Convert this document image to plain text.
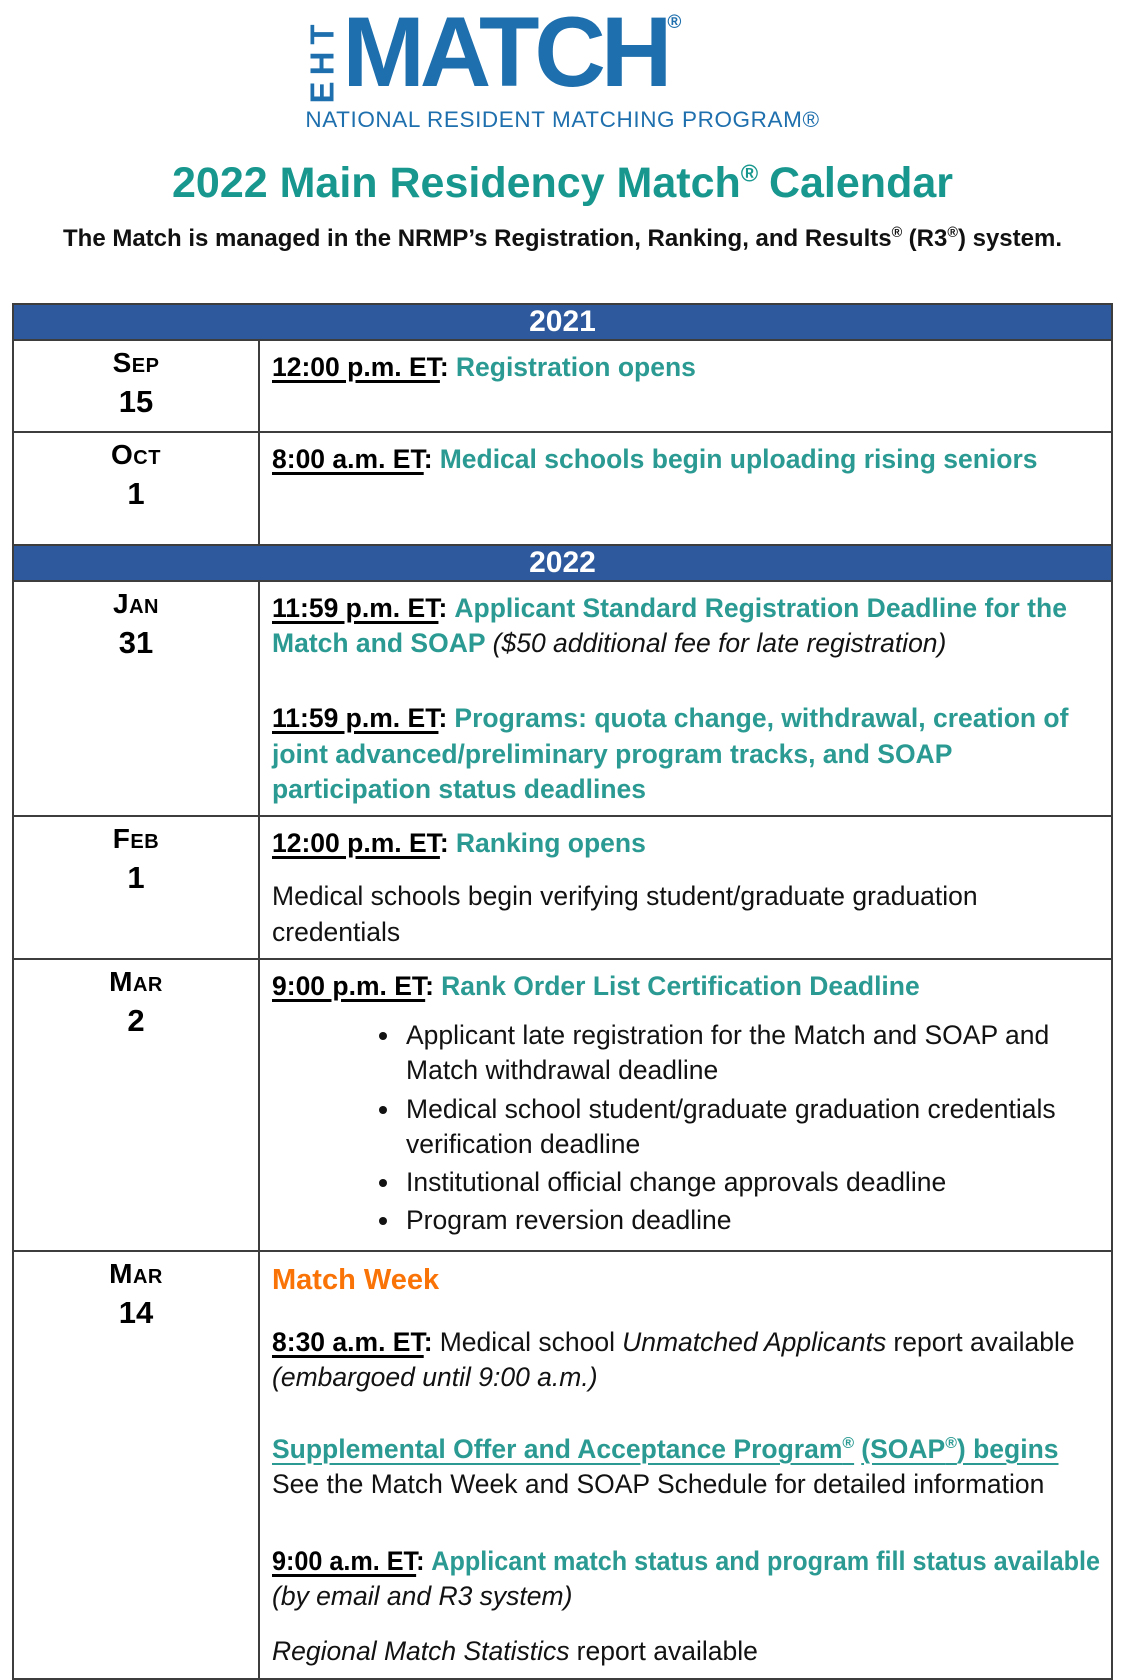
T
H
E MATCH ®
NATIONAL RESIDENT MATCHING PROGRAM®
2022 Main Residency Match® Calendar
The Match is managed in the NRMP’s Registration, Ranking, and Results® (R3®) system.
2021
Sep
15
12:00 p.m. ET: Registration opens
Oct
1
8:00 a.m. ET: Medical schools begin uploading rising seniors
2022
Jan
31
11:59 p.m. ET: Applicant Standard Registration Deadline for the Match and SOAP ($50 additional fee for late registration)
11:59 p.m. ET: Programs: quota change, withdrawal, creation of joint advanced/preliminary program tracks, and SOAP participation status deadlines
Feb
1
12:00 p.m. ET: Ranking opens
Medical schools begin verifying student/graduate graduation credentials
Mar
2
9:00 p.m. ET: Rank Order List Certification Deadline
• Applicant late registration for the Match and SOAP and Match withdrawal deadline
• Medical school student/graduate graduation credentials verification deadline
• Institutional official change approvals deadline
• Program reversion deadline
Mar
14
Match Week
8:30 a.m. ET: Medical school Unmatched Applicants report available
(embargoed until 9:00 a.m.)
Supplemental Offer and Acceptance Program® (SOAP®) begins
See the Match Week and SOAP Schedule for detailed information
9:00 a.m. ET: Applicant match status and program fill status available
(by email and R3 system)
Regional Match Statistics report available
